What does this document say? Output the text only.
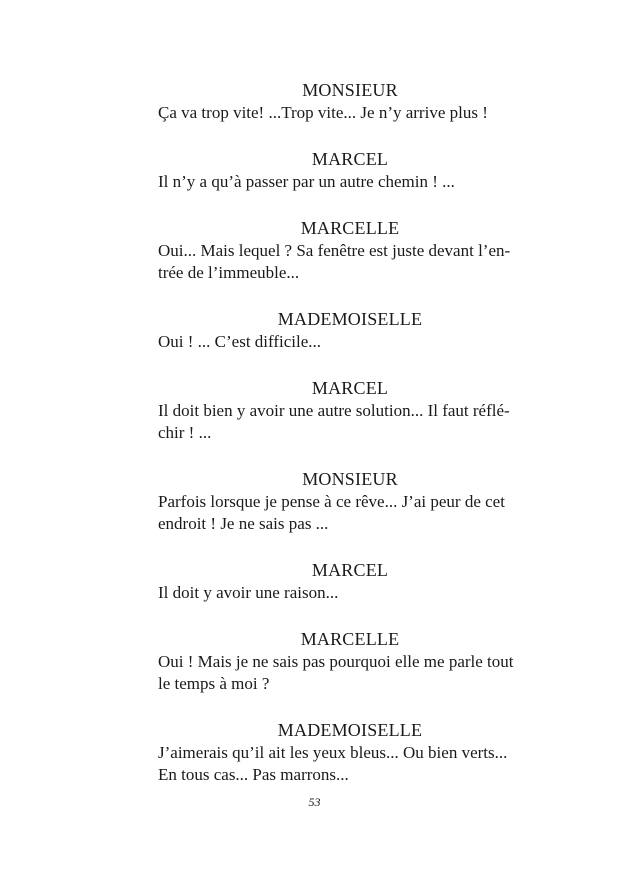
MONSIEUR
Ça va trop vite! ...Trop vite... Je n’y arrive plus !
MARCEL
Il n’y a qu’à passer par un autre chemin ! ...
MARCELLE
Oui... Mais lequel ? Sa fenêtre est juste devant l’en-
trée de l’immeuble...
MADEMOISELLE
Oui ! ... C’est difficile...
MARCEL
Il doit bien y avoir une autre solution... Il faut réflé-
chir ! ...
MONSIEUR
Parfois lorsque je pense à ce rêve... J’ai peur de cet
endroit ! Je ne sais pas ...
MARCEL
Il doit y avoir une raison...
MARCELLE
Oui ! Mais je ne sais pas pourquoi elle me parle tout
le temps à moi ?
MADEMOISELLE
J’aimerais qu’il ait les yeux bleus... Ou bien verts...
En tous cas... Pas marrons...
53
